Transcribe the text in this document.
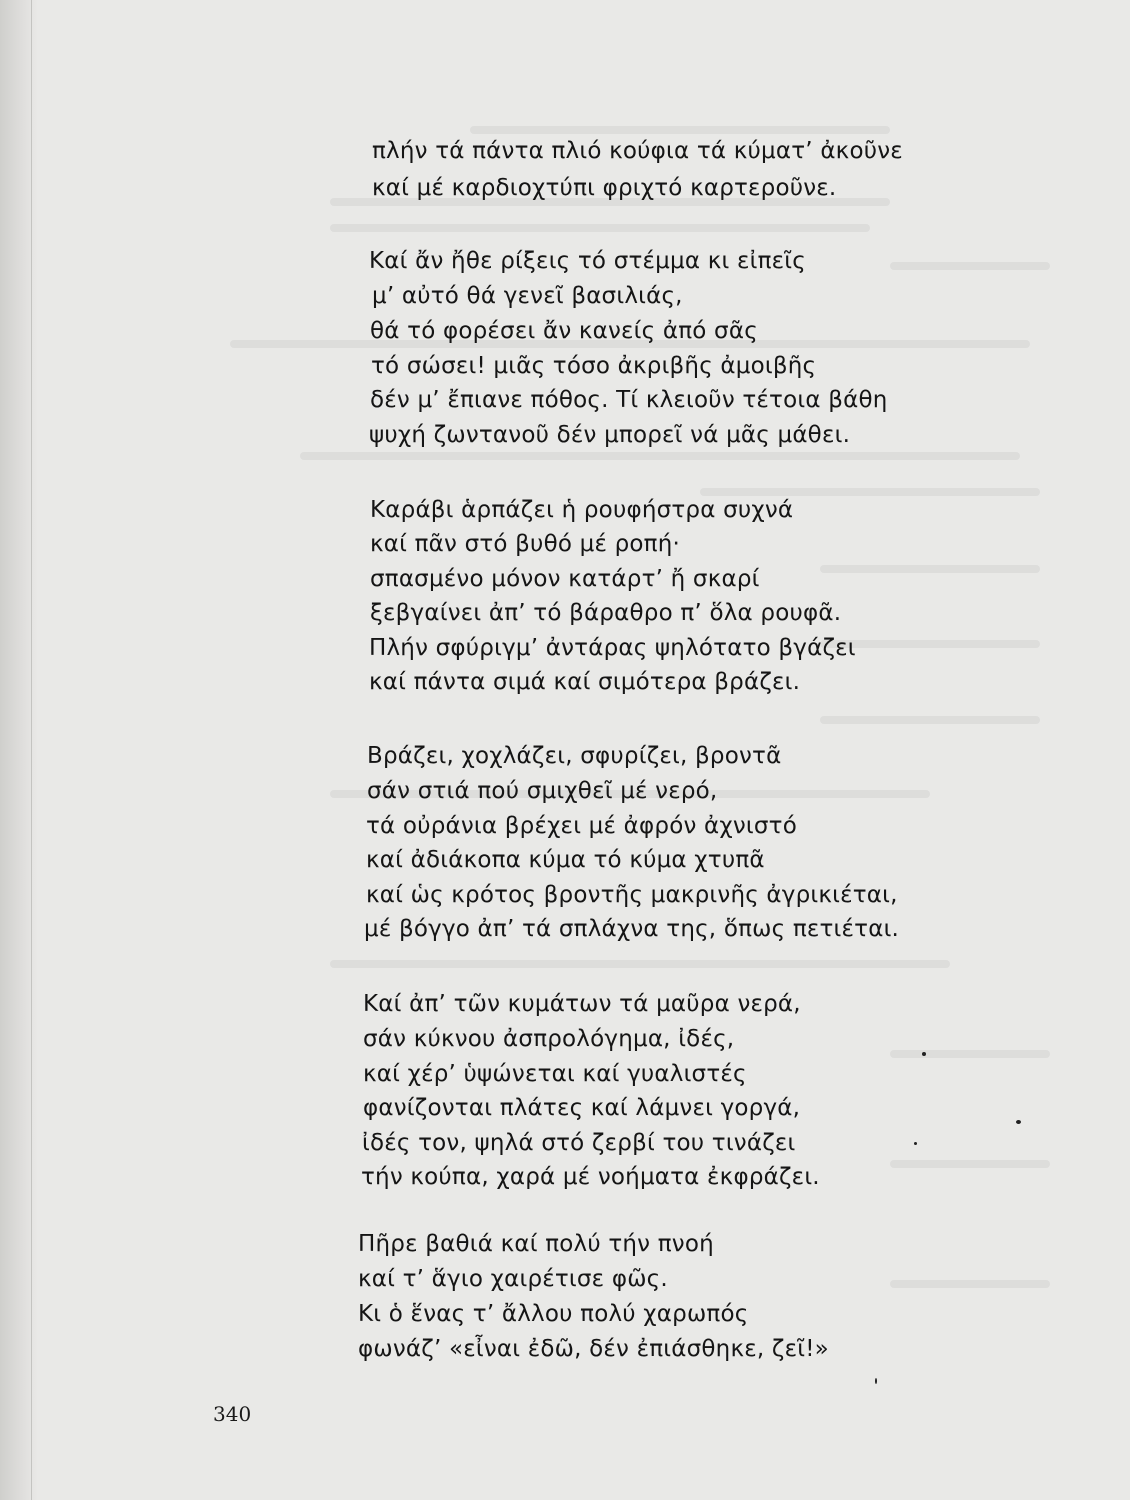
πλήν τά πάντα πλιό κούφια τά κύματ’ ἀκοῦνε
καί μέ καρδιοχτύπι φριχτό καρτεροῦνε.
Καί ἄν ἤθε ρίξεις τό στέμμα κι εἰπεῖς
μ’ αὐτό θά γενεῖ βασιλιάς,
θά τό φορέσει ἄν κανείς ἀπό σᾶς
τό σώσει! μιᾶς τόσο ἀκριβῆς ἀμοιβῆς
δέν μ’ ἔπιανε πόθος. Τί κλειοῦν τέτοια βάθη
ψυχή ζωντανοῦ δέν μπορεῖ νά μᾶς μάθει.
Καράβι ἁρπάζει ἡ ρουφήστρα συχνά
καί πᾶν στό βυθό μέ ροπή·
σπασμένο μόνον κατάρτ’ ἤ σκαρί
ξεβγαίνει ἀπ’ τό βάραθρο π’ ὅλα ρουφᾶ.
Πλήν σφύριγμ’ ἀντάρας ψηλότατο βγάζει
καί πάντα σιμά καί σιμότερα βράζει.
Βράζει, χοχλάζει, σφυρίζει, βροντᾶ
σάν στιά πού σμιχθεῖ μέ νερό,
τά οὐράνια βρέχει μέ ἀφρόν ἀχνιστό
καί ἀδιάκοπα κύμα τό κύμα χτυπᾶ
καί ὡς κρότος βροντῆς μακρινῆς ἀγρικιέται,
μέ βόγγο ἀπ’ τά σπλάχνα της, ὅπως πετιέται.
Καί ἀπ’ τῶν κυμάτων τά μαῦρα νερά,
σάν κύκνου ἀσπρολόγημα, ἰδές,
καί χέρ’ ὑψώνεται καί γυαλιστές
φανίζονται πλάτες καί λάμνει γοργά,
ἰδές τον, ψηλά στό ζερβί του τινάζει
τήν κούπα, χαρά μέ νοήματα ἐκφράζει.
Πῆρε βαθιά καί πολύ τήν πνοή
καί τ’ ἅγιο χαιρέτισε φῶς.
Κι ὁ ἕνας τ’ ἄλλου πολύ χαρωπός
φωνάζ’ «εἶναι ἐδῶ, δέν ἐπιάσθηκε, ζεῖ!»
340
